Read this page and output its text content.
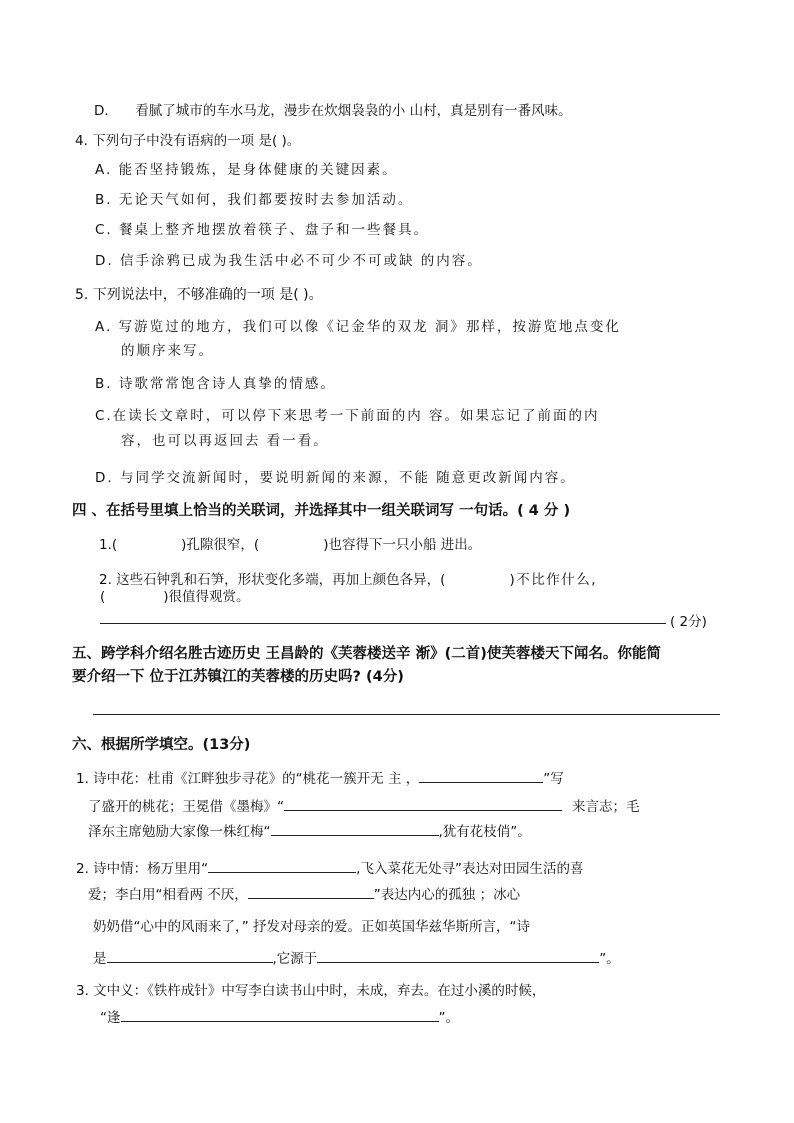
D. 看腻了城市的车水马龙，漫步在炊烟袅袅的小 山村，真是别有一番风味。
4. 下列句子中没有语病的一项 是( )。
A. 能否坚持锻炼，是身体健康的关键因素。
B. 无论天气如何，我们都要按时去参加活动。
C. 餐桌上整齐地摆放着筷子、盘子和一些餐具。
D. 信手涂鸦已成为我生活中必不可少不可或缺 的内容。
5. 下列说法中，不够准确的一项 是( )。
A. 写游览过的地方，我们可以像《记金华的双龙 洞》那样，按游览地点变化
的顺序来写。
B. 诗歌常常饱含诗人真挚的情感。
C.在读长文章时，可以停下来思考一下前面的内 容。如果忘记了前面的内
容，也可以再返回去 看一看。
D. 与同学交流新闻时，要说明新闻的来源，不能 随意更改新闻内容。
四 、在括号里填上恰当的关联词，并选择其中一组关联词写 一句话。( 4 分 )
1.(	)孔隙很窄，(	)也容得下一只小船 进出。
2. 这些石钟乳和石笋，形状变化多端，再加上颜色各异，(	)不比作什么,
(	)很值得观赏。
( 2分)
五、跨学科介绍名胜古迹历史 王昌龄的《芙蓉楼送辛 渐》(二首)使芙蓉楼天下闻名。你能简
要介绍一下 位于江苏镇江的芙蓉楼的历史吗? (4分)
六、根据所学填空。(13分)
1. 诗中花：杜甫《江畔独步寻花》的“桃花一簇开无 主 ，	”写
了盛开的桃花；王冕借《墨梅》“	来言志；毛
泽东主席勉励大家像一株红梅“	,犹有花枝俏”。
2. 诗中情：杨万里用“	,飞入菜花无处寻”表达对田园生活的喜
爱；李白用“相看两 不厌，	”表达内心的孤独 ；冰心
奶奶借“心中的风雨来了，” 抒发对母亲的爱。正如英国华兹华斯所言，“诗
是	,它源于	”。
3. 文中义：《铁杵成针》中写李白读书山中时，未成，弃去。在过小溪的时候，
“逢	”。
